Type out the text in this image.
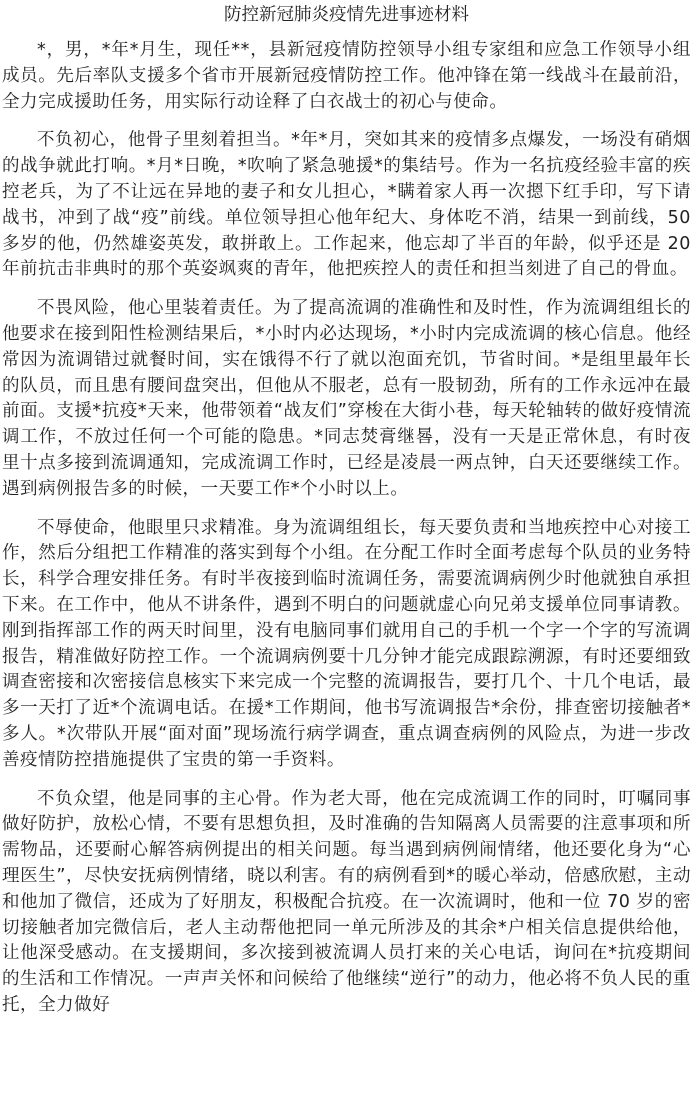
防控新冠肺炎疫情先进事迹材料

*，男，*年*月生，现任**，县新冠疫情防控领导小组专家组和应急工作领导小组成员。先后率队支援多个省市开展新冠疫情防控工作。他冲锋在第一线战斗在最前沿，全力完成援助任务，用实际行动诠释了白衣战士的初心与使命。

不负初心，他骨子里刻着担当。*年*月，突如其来的疫情多点爆发，一场没有硝烟的战争就此打响。*月*日晚，*吹响了紧急驰援*的集结号。作为一名抗疫经验丰富的疾控老兵，为了不让远在异地的妻子和女儿担心，*瞒着家人再一次摁下红手印，写下请战书，冲到了战“疫”前线。单位领导担心他年纪大、身体吃不消，结果一到前线，50 多岁的他，仍然雄姿英发，敢拼敢上。工作起来，他忘却了半百的年龄，似乎还是 20 年前抗击非典时的那个英姿飒爽的青年，他把疾控人的责任和担当刻进了自己的骨血。

不畏风险，他心里装着责任。为了提高流调的准确性和及时性，作为流调组组长的他要求在接到阳性检测结果后，*小时内必达现场，*小时内完成流调的核心信息。他经常因为流调错过就餐时间，实在饿得不行了就以泡面充饥，节省时间。*是组里最年长的队员，而且患有腰间盘突出，但他从不服老，总有一股韧劲，所有的工作永远冲在最前面。支援*抗疫*天来，他带领着“战友们”穿梭在大街小巷，每天轮轴转的做好疫情流调工作，不放过任何一个可能的隐患。*同志焚膏继晷，没有一天是正常休息，有时夜里十点多接到流调通知，完成流调工作时，已经是凌晨一两点钟，白天还要继续工作。遇到病例报告多的时候，一天要工作*个小时以上。

不辱使命，他眼里只求精准。身为流调组组长，每天要负责和当地疾控中心对接工作，然后分组把工作精准的落实到每个小组。在分配工作时全面考虑每个队员的业务特长，科学合理安排任务。有时半夜接到临时流调任务，需要流调病例少时他就独自承担下来。在工作中，他从不讲条件，遇到不明白的问题就虚心向兄弟支援单位同事请教。刚到指挥部工作的两天时间里，没有电脑同事们就用自己的手机一个字一个字的写流调报告，精准做好防控工作。一个流调病例要十几分钟才能完成跟踪溯源，有时还要细致调查密接和次密接信息核实下来完成一个完整的流调报告，要打几个、十几个电话，最多一天打了近*个流调电话。在援*工作期间，他书写流调报告*余份，排查密切接触者*多人。*次带队开展“面对面”现场流行病学调查，重点调查病例的风险点，为进一步改善疫情防控措施提供了宝贵的第一手资料。

不负众望，他是同事的主心骨。作为老大哥，他在完成流调工作的同时，叮嘱同事做好防护，放松心情，不要有思想负担，及时准确的告知隔离人员需要的注意事项和所需物品，还要耐心解答病例提出的相关问题。每当遇到病例闹情绪，他还要化身为“心理医生”，尽快安抚病例情绪，晓以利害。有的病例看到*的暖心举动，倍感欣慰，主动和他加了微信，还成为了好朋友，积极配合抗疫。在一次流调时，他和一位 70 岁的密切接触者加完微信后，老人主动帮他把同一单元所涉及的其余*户相关信息提供给他，让他深受感动。在支援期间，多次接到被流调人员打来的关心电话，询问在*抗疫期间的生活和工作情况。一声声关怀和问候给了他继续“逆行”的动力，他必将不负人民的重托，全力做好
